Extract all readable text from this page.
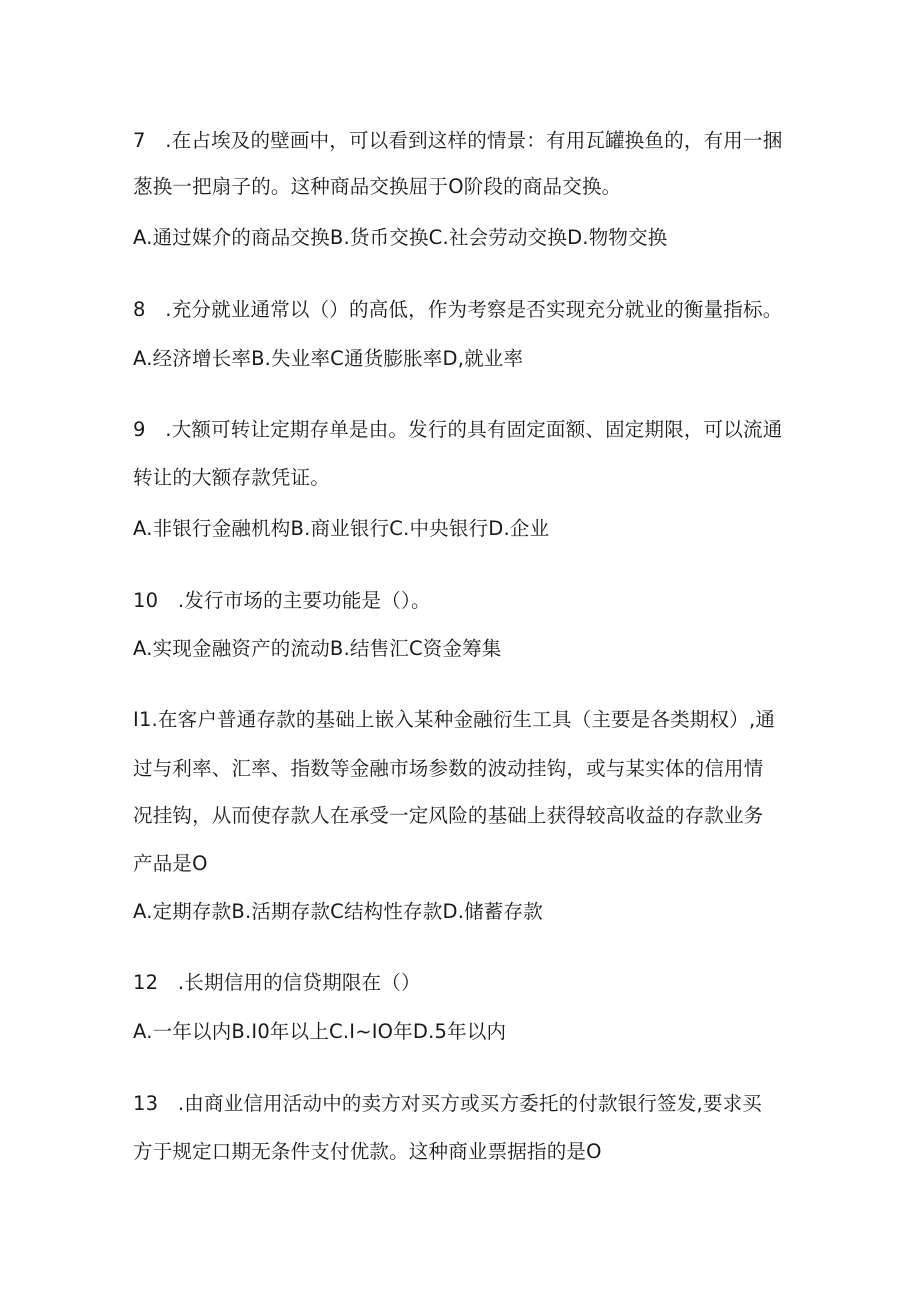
7　.在占埃及的壁画中，可以看到这样的情景：有用瓦罐换鱼的，有用一捆
葱换一把扇子的。这种商品交换屈于O阶段的商品交换。
A.通过媒介的商品交换B.货币交换C.社会劳动交换D.物物交换
8　.充分就业通常以（）的高低，作为考察是否实现充分就业的衡量指标。
A.经济增长率B.失业率C通货膨胀率D,就业率
9　.大额可转让定期存单是由。发行的具有固定面额、固定期限，可以流通
转让的大额存款凭证。
A.非银行金融机构B.商业银行C.中央银行D.企业
10　.发行市场的主要功能是（）。
A.实现金融资产的流动B.结售汇C资金筹集
I1.在客户普通存款的基础上嵌入某种金融衍生工具（主要是各类期权）,通
过与利率、汇率、指数等金融市场参数的波动挂钩，或与某实体的信用情
况挂钩，从而使存款人在承受一定风险的基础上获得较高收益的存款业务
产品是O
A.定期存款B.活期存款C结构性存款D.储蓄存款
12　.长期信用的信贷期限在（）
A.一年以内B.I0年以上C.I~IO年D.5年以内
13　.由商业信用活动中的卖方对买方或买方委托的付款银行签发,要求买
方于规定口期无条件支付优款。这种商业票据指的是O
